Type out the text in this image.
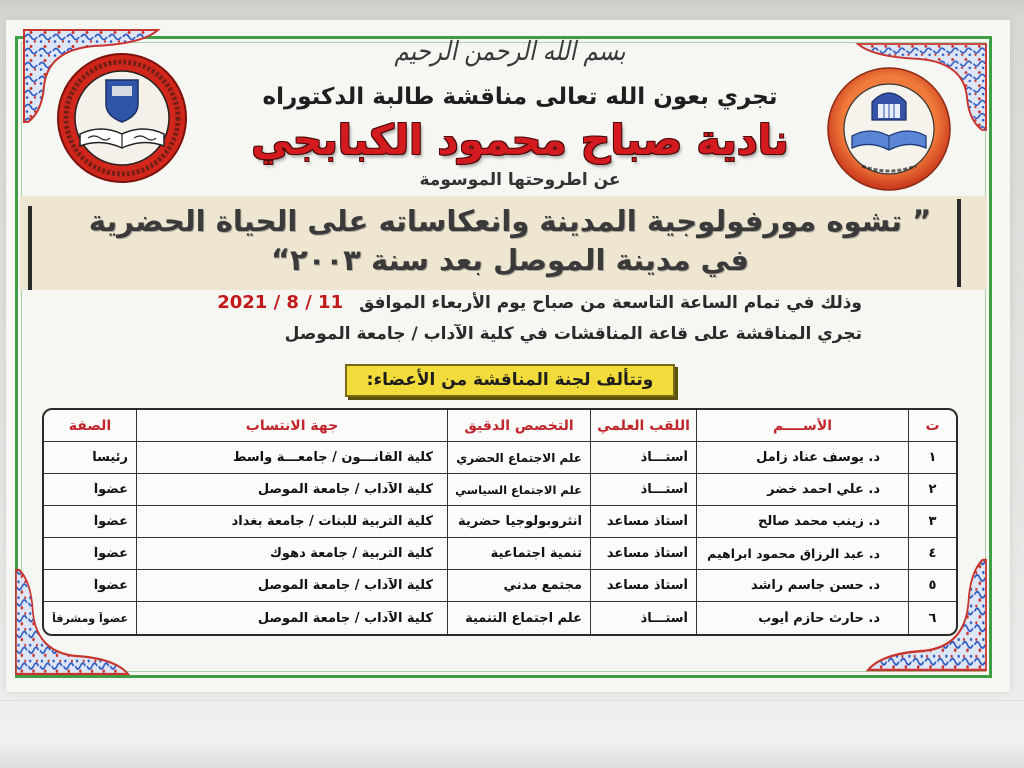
بسم الله الرحمن الرحيم
تجري بعون الله تعالى مناقشة طالبة الدكتوراه
نادية صباح محمود الكبابجي
عن اطروحتها الموسومة
” تشوه مورفولوجية المدينة وانعكاساته على الحياة الحضرية
في مدينة الموصل بعد سنة ٢٠٠٣“
وذلك في تمام الساعة التاسعة من صباح يوم الأربعاء الموافق2021 / 8 / 11
تجري المناقشة على قاعة المناقشات في كلية الآداب / جامعة الموصل
وتتألف لجنة المناقشة من الأعضاء:
ت	الأســــم	اللقب العلمي	التخصص الدقيق	جهة الانتساب	الصفة

١	د. يوسف عناد زامل	أستـــاذ	علم الاجتماع الحضري	كلية القانـــون / جامعـــة واسط	رئيساً

٢	د. علي احمد خضر	أستـــاذ	علم الاجتماع السياسي	كلية الآداب / جامعة الموصل	عضواً

٣	د. زينب محمد صالح	أستاذ مساعد	انثروبولوجيا حضرية	كلية التربية للبنات / جامعة بغداد	عضواً

٤	د. عبد الرزاق محمود ابراهيم	أستاذ مساعد	تنمية اجتماعية	كلية التربية / جامعة دهوك	عضواً

٥	د. حسن جاسم راشد	أستاذ مساعد	مجتمع مدني	كلية الآداب / جامعة الموصل	عضواً

٦	د. حارث حازم أيوب	أستـــاذ	علم اجتماع التنمية	كلية الآداب / جامعة الموصل	عضواً ومشرفاً
